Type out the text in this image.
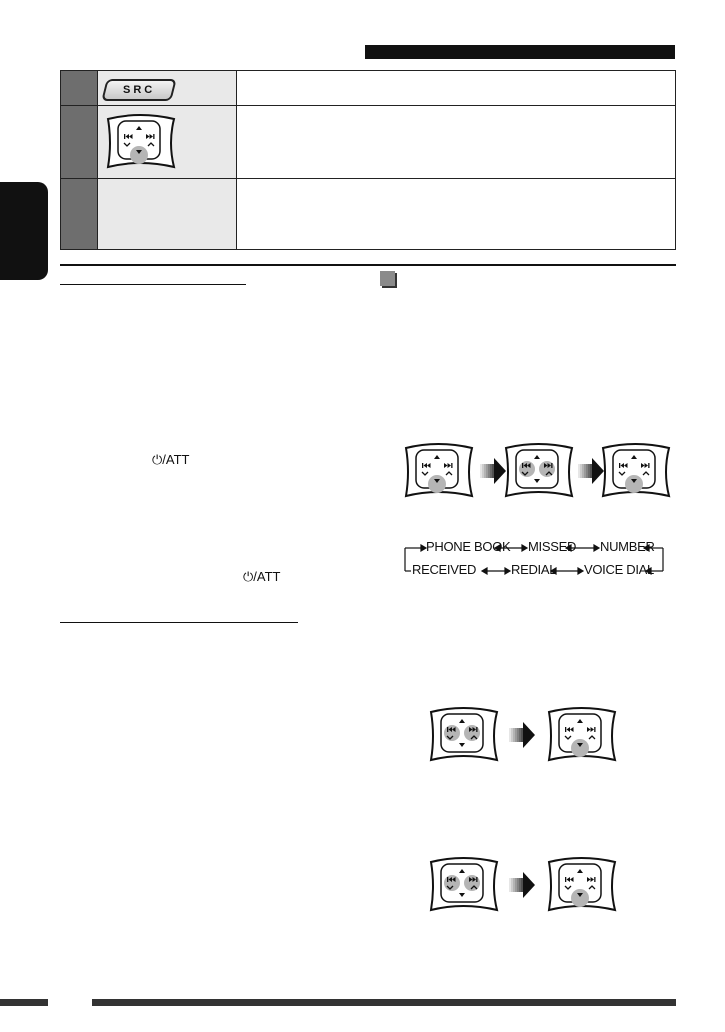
	SRC	

⏻/ATT
⏻/ATT
PHONE BOOK MISSED NUMBER
RECEIVED	REDIAL VOICE DIAL
